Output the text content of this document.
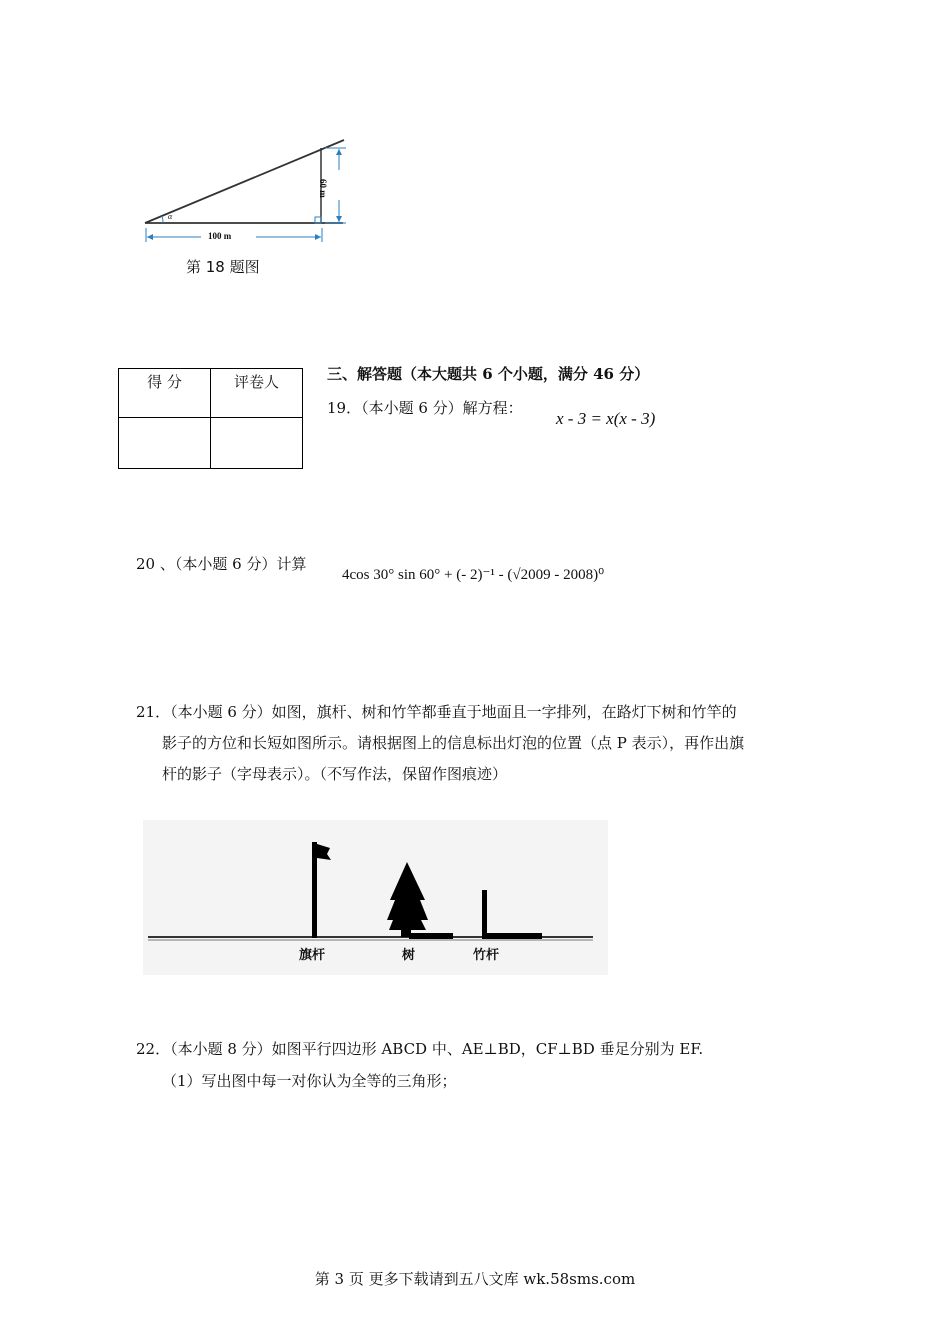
100 m
60 m
α
第 18 题图
得 分	评卷人
		三、解答题（本大题共 6 个小题，满分 46 分）
19．（本小题 6 分）解方程：
x - 3 = x(x - 3)
20 、（本小题 6 分）计算
4cos 30° sin 60° + (- 2)⁻¹ - (√2009 - 2008)⁰
21．（本小题 6 分）如图，旗杆、树和竹竿都垂直于地面且一字排列，在路灯下树和竹竿的
影子的方位和长短如图所示。请根据图上的信息标出灯泡的位置（点 P 表示），再作出旗
杆的影子（字母表示）。（不写作法，保留作图痕迹）
旗杆	树	竹杆
22．（本小题 8 分）如图平行四边形 ABCD 中、AE⊥BD，CF⊥BD 垂足分别为 EF.
（1）写出图中每一对你认为全等的三角形；
第 3 页 更多下载请到五八文库 wk.58sms.com
